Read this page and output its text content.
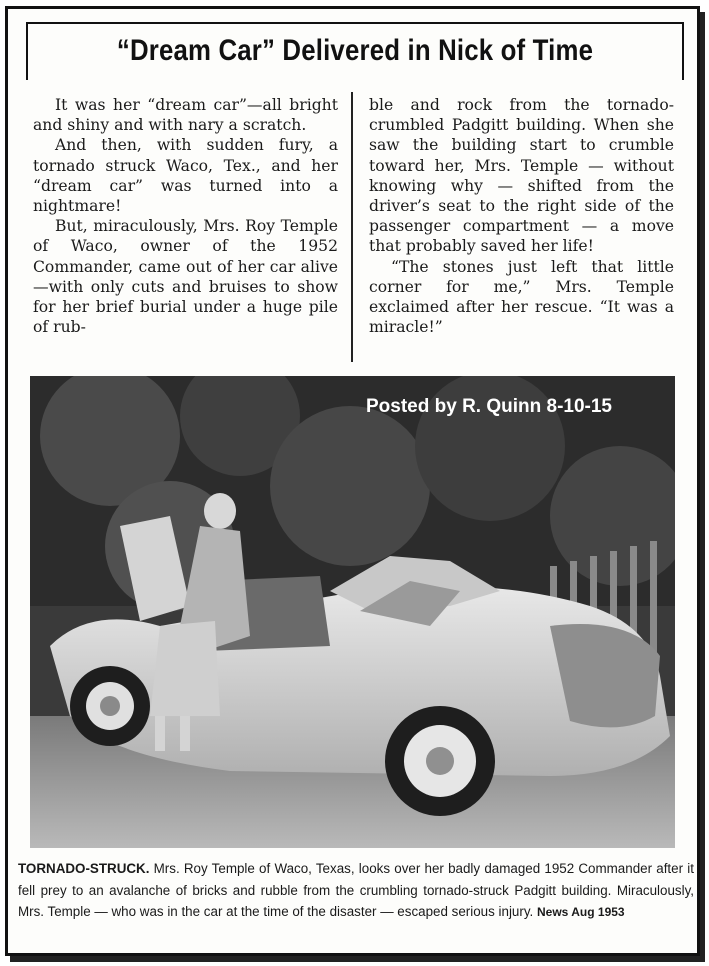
“Dream Car” Delivered in Nick of Time

It was her “dream car”—all bright and shiny and with nary a scratch.

And then, with sudden fury, a tornado struck Waco, Tex., and her “dream car” was turned into a nightmare!

But, miraculously, Mrs. Roy Temple of Waco, owner of the 1952 Commander, came out of her car alive—with only cuts and bruises to show for her brief burial under a huge pile of rub-

ble and rock from the tornado-crumbled Padgitt building. When she saw the building start to crumble toward her, Mrs. Temple — without knowing why — shifted from the driver’s seat to the right side of the passenger compartment — a move that probably saved her life!

“The stones just left that little corner for me,” Mrs. Temple exclaimed after her rescue. “It was a miracle!”

Posted by R. Quinn 8-10-15
TORNADO-STRUCK. Mrs. Roy Temple of Waco, Texas, looks over her badly damaged 1952 Commander after it fell prey to an avalanche of bricks and rubble from the crumbling tornado-struck Padgitt building. Miraculously, Mrs. Temple — who was in the car at the time of the disaster — escaped serious injury. News Aug 1953
